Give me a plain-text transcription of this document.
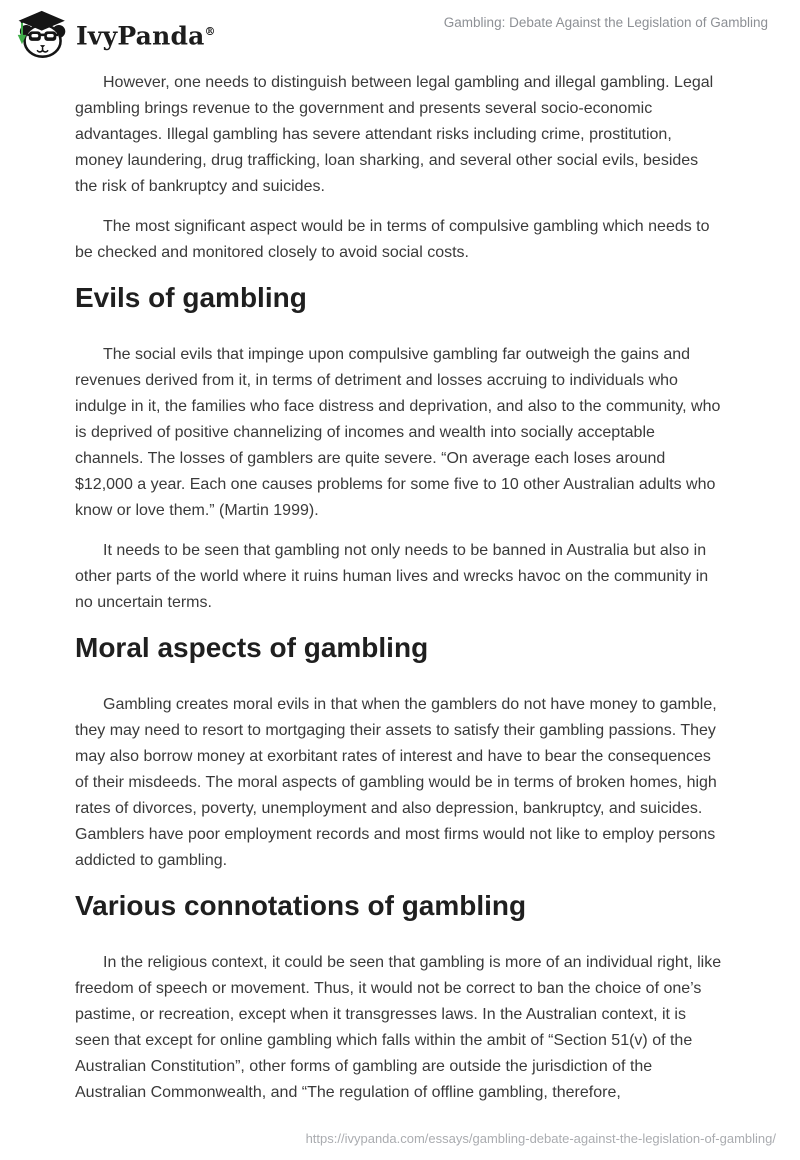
IvyPanda®
Gambling: Debate Against the Legislation of Gambling

However, one needs to distinguish between legal gambling and illegal gambling. Legal gambling brings revenue to the government and presents several socio-economic advantages. Illegal gambling has severe attendant risks including crime, prostitution, money laundering, drug trafficking, loan sharking, and several other social evils, besides the risk of bankruptcy and suicides.

The most significant aspect would be in terms of compulsive gambling which needs to be checked and monitored closely to avoid social costs.

Evils of gambling

The social evils that impinge upon compulsive gambling far outweigh the gains and revenues derived from it, in terms of detriment and losses accruing to individuals who indulge in it, the families who face distress and deprivation, and also to the community, who is deprived of positive channelizing of incomes and wealth into socially acceptable channels. The losses of gamblers are quite severe. “On average each loses around $12,000 a year. Each one causes problems for some five to 10 other Australian adults who know or love them.” (Martin 1999).

It needs to be seen that gambling not only needs to be banned in Australia but also in other parts of the world where it ruins human lives and wrecks havoc on the community in no uncertain terms.

Moral aspects of gambling

Gambling creates moral evils in that when the gamblers do not have money to gamble, they may need to resort to mortgaging their assets to satisfy their gambling passions. They may also borrow money at exorbitant rates of interest and have to bear the consequences of their misdeeds. The moral aspects of gambling would be in terms of broken homes, high rates of divorces, poverty, unemployment and also depression, bankruptcy, and suicides. Gamblers have poor employment records and most firms would not like to employ persons addicted to gambling.

Various connotations of gambling

In the religious context, it could be seen that gambling is more of an individual right, like freedom of speech or movement. Thus, it would not be correct to ban the choice of one’s pastime, or recreation, except when it transgresses laws. In the Australian context, it is seen that except for online gambling which falls within the ambit of “Section 51(v) of the Australian Constitution”, other forms of gambling are outside the jurisdiction of the Australian Commonwealth, and “The regulation of offline gambling, therefore,

https://ivypanda.com/essays/gambling-debate-against-the-legislation-of-gambling/
